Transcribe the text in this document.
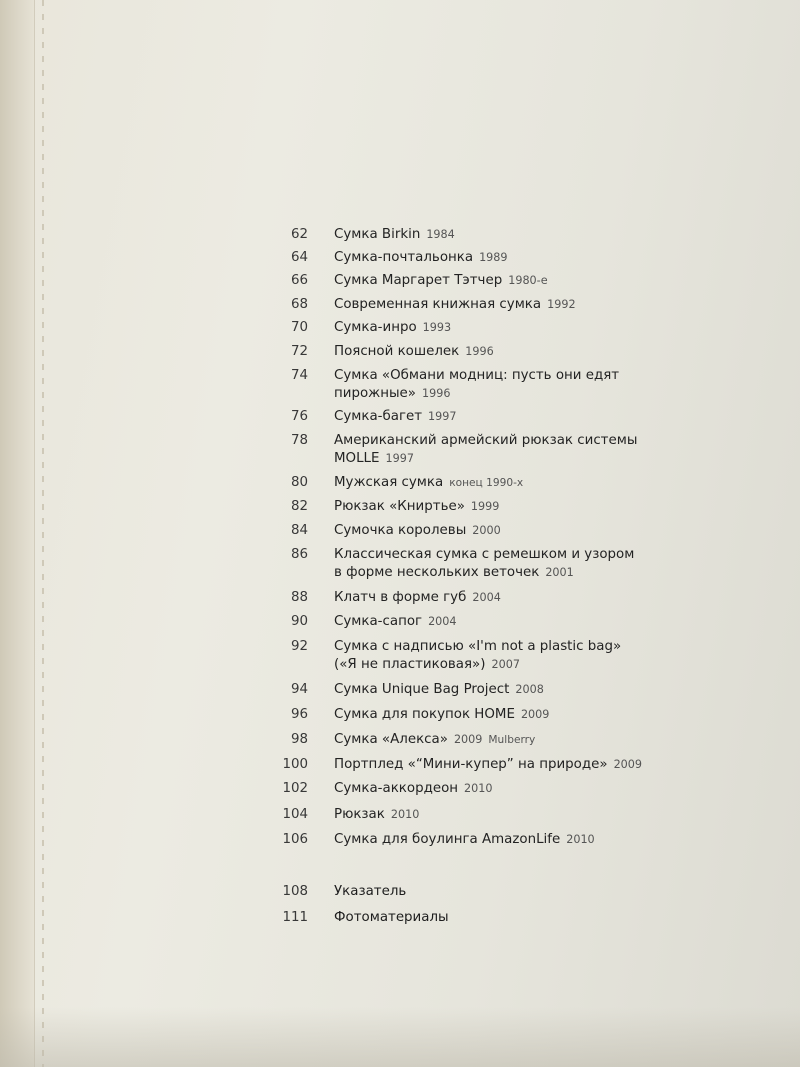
62 Сумка Birkin 1984
64 Сумка-почтальонка 1989
66 Сумка Маргарет Тэтчер 1980-е
68 Современная книжная сумка 1992
70 Сумка-инро 1993
72 Поясной кошелек 1996
74 Сумка «Обмани модниц: пусть они едят
пирожные» 1996
76 Сумка-багет 1997
78 Американский армейский рюкзак системы
MOLLE 1997
80 Мужская сумка конец 1990-х
82 Рюкзак «Книртье» 1999
84 Сумочка королевы 2000
86 Классическая сумка с ремешком и узором
в форме нескольких веточек 2001
88 Клатч в форме губ 2004
90 Сумка-сапог 2004
92 Сумка с надписью «I'm not a plastic bag»
(«Я не пластиковая») 2007
94 Сумка Unique Bag Project 2008
96 Сумка для покупок HOME 2009
98 Сумка «Алекса» 2009 Mulberry
100 Портплед «“Мини-купер” на природе» 2009
102 Сумка-аккордеон 2010
104 Рюкзак 2010
106 Сумка для боулинга AmazonLife 2010
108 Указатель
111 Фотоматериалы
